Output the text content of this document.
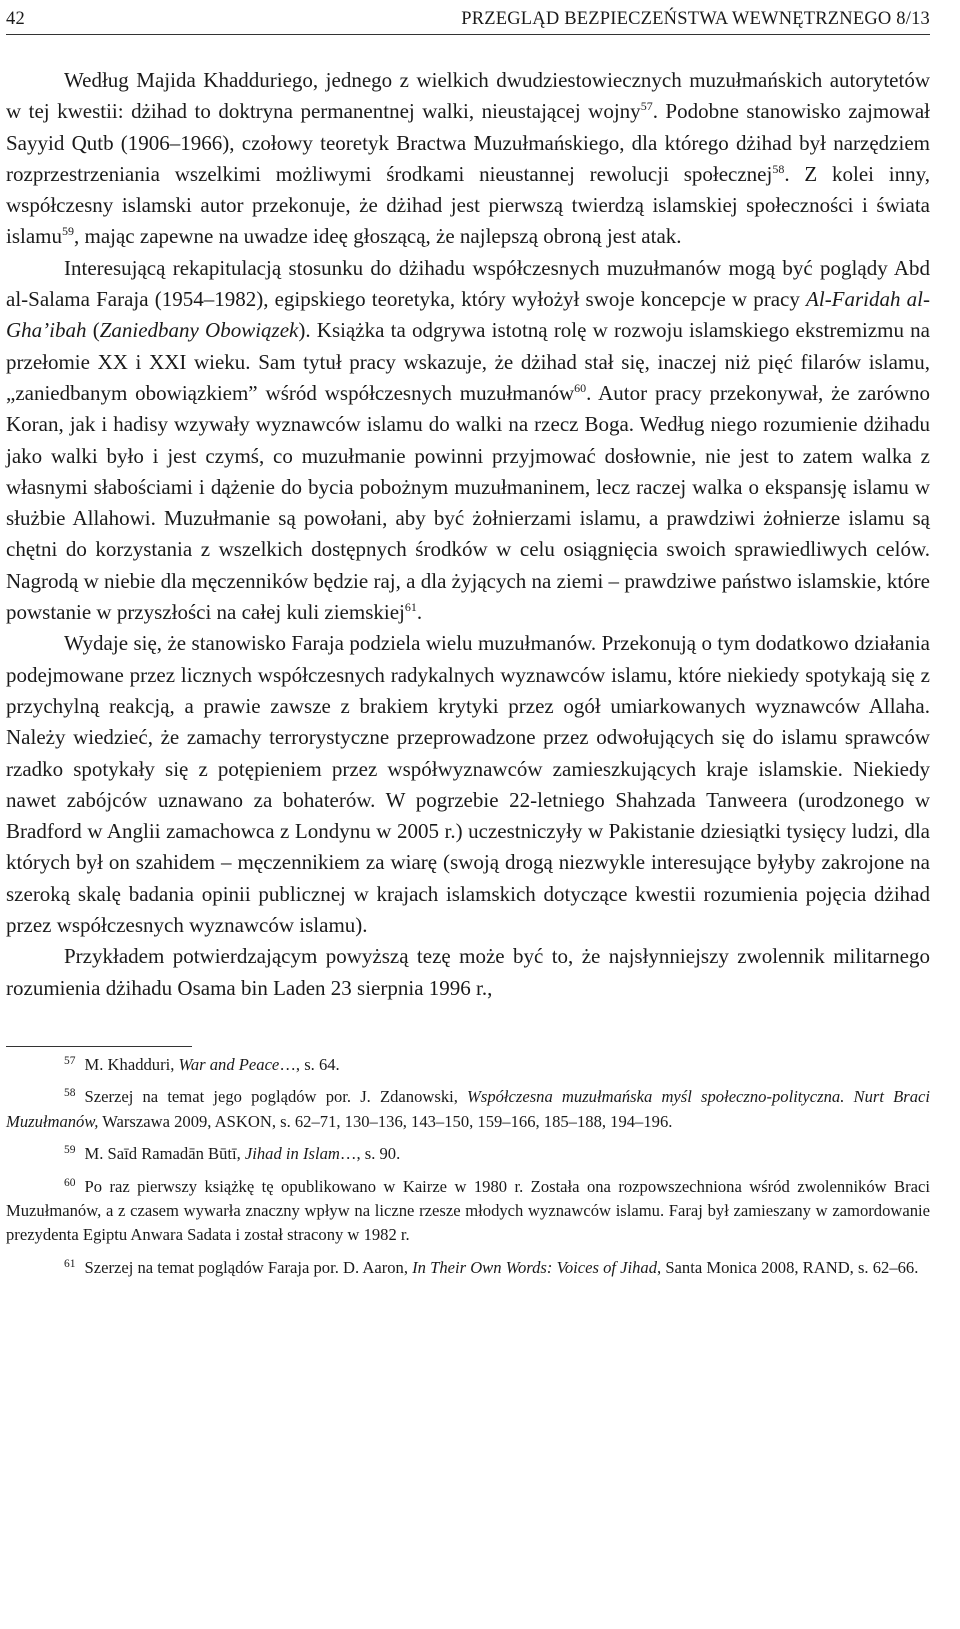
42	PRZEGLĄD BEZPIECZEŃSTWA WEWNĘTRZNEGO 8/13

Według Majida Khadduriego, jednego z wielkich dwudziestowiecznych muzułmańskich autorytetów w tej kwestii: dżihad to doktryna permanentnej walki, nieustającej wojny$^{57}$. Podobne stanowisko zajmował Sayyid Qutb (1906–1966), czołowy teoretyk Bractwa Muzułmańskiego, dla którego dżihad był narzędziem rozprzestrzeniania wszelkimi możliwymi środkami nieustannej rewolucji społecznej$^{58}$. Z kolei inny, współczesny islamski autor przekonuje, że dżihad jest pierwszą twierdzą islamskiej społeczności i świata islamu$^{59}$, mając zapewne na uwadze ideę głoszącą, że najlepszą obroną jest atak.

Interesującą rekapitulacją stosunku do dżihadu współczesnych muzułmanów mogą być poglądy Abd al-Salama Faraja (1954–1982), egipskiego teoretyka, który wyłożył swoje koncepcje w pracy Al-Faridah al-Gha’ibah (Zaniedbany Obowiązek). Książka ta odgrywa istotną rolę w rozwoju islamskiego ekstremizmu na przełomie XX i XXI wieku. Sam tytuł pracy wskazuje, że dżihad stał się, inaczej niż pięć filarów islamu, „zaniedbanym obowiązkiem” wśród współczesnych muzułmanów$^{60}$. Autor pracy przekonywał, że zarówno Koran, jak i hadisy wzywały wyznawców islamu do walki na rzecz Boga. Według niego rozumienie dżihadu jako walki było i jest czymś, co muzułmanie powinni przyjmować dosłownie, nie jest to zatem walka z własnymi słabościami i dążenie do bycia pobożnym muzułmaninem, lecz raczej walka o ekspansję islamu w służbie Allahowi. Muzułmanie są powołani, aby być żołnierzami islamu, a prawdziwi żołnierze islamu są chętni do korzystania z wszelkich dostępnych środków w celu osiągnięcia swoich sprawiedliwych celów. Nagrodą w niebie dla męczenników będzie raj, a dla żyjących na ziemi – prawdziwe państwo islamskie, które powstanie w przyszłości na całej kuli ziemskiej$^{61}$.

Wydaje się, że stanowisko Faraja podziela wielu muzułmanów. Przekonują o tym dodatkowo działania podejmowane przez licznych współczesnych radykalnych wyznawców islamu, które niekiedy spotykają się z przychylną reakcją, a prawie zawsze z brakiem krytyki przez ogół umiarkowanych wyznawców Allaha. Należy wiedzieć, że zamachy terrorystyczne przeprowadzone przez odwołujących się do islamu sprawców rzadko spotykały się z potępieniem przez współwyznawców zamieszkujących kraje islamskie. Niekiedy nawet zabójców uznawano za bohaterów. W pogrzebie 22-letniego Shahzada Tanweera (urodzonego w Bradford w Anglii zamachowca z Londynu w 2005 r.) uczestniczyły w Pakistanie dziesiątki tysięcy ludzi, dla których był on szahidem – męczennikiem za wiarę (swoją drogą niezwykle interesujące byłyby zakrojone na szeroką skalę badania opinii publicznej w krajach islamskich dotyczące kwestii rozumienia pojęcia dżihad przez współczesnych wyznawców islamu).

Przykładem potwierdzającym powyższą tezę może być to, że najsłynniejszy zwolennik militarnego rozumienia dżihadu Osama bin Laden 23 sierpnia 1996 r.,

$^{57}$ M. Khadduri, War and Peace…, s. 64.
$^{58}$ Szerzej na temat jego poglądów por. J. Zdanowski, Współczesna muzułmańska myśl społeczno-polityczna. Nurt Braci Muzułmanów, Warszawa 2009, ASKON, s. 62–71, 130–136, 143–150, 159–166, 185–188, 194–196.
$^{59}$ M. Saīd Ramadān Būtī, Jihad in Islam…, s. 90.
$^{60}$ Po raz pierwszy książkę tę opublikowano w Kairze w 1980 r. Została ona rozpowszechniona wśród zwolenników Braci Muzułmanów, a z czasem wywarła znaczny wpływ na liczne rzesze młodych wyznawców islamu. Faraj był zamieszany w zamordowanie prezydenta Egiptu Anwara Sadata i został stracony w 1982 r.
$^{61}$ Szerzej na temat poglądów Faraja por. D. Aaron, In Their Own Words: Voices of Jihad, Santa Monica 2008, RAND, s. 62–66.
